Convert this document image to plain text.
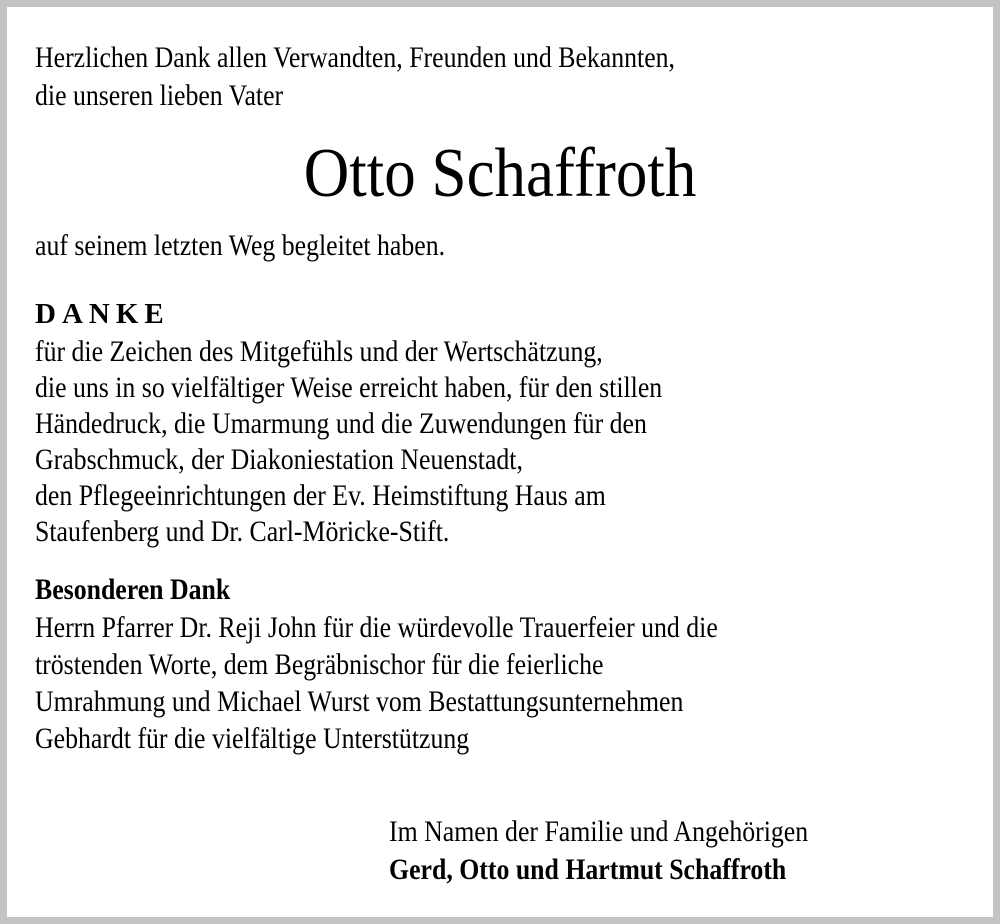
Herzlichen Dank allen Verwandten, Freunden und Bekannten,
die unseren lieben Vater
Otto Schaffroth
auf seinem letzten Weg begleitet haben.
DANKE
für die Zeichen des Mitgefühls und der Wertschätzung,
die uns in so vielfältiger Weise erreicht haben, für den stillen
Händedruck, die Umarmung und die Zuwendungen für den
Grabschmuck, der Diakoniestation Neuenstadt,
den Pflegeeinrichtungen der Ev. Heimstiftung Haus am
Staufenberg und Dr. Carl-Möricke-Stift.
Besonderen Dank
Herrn Pfarrer Dr. Reji John für die würdevolle Trauerfeier und die
tröstenden Worte, dem Begräbnischor für die feierliche
Umrahmung und Michael Wurst vom Bestattungsunternehmen
Gebhardt für die vielfältige Unterstützung
Im Namen der Familie und Angehörigen
Gerd, Otto und Hartmut Schaffroth
